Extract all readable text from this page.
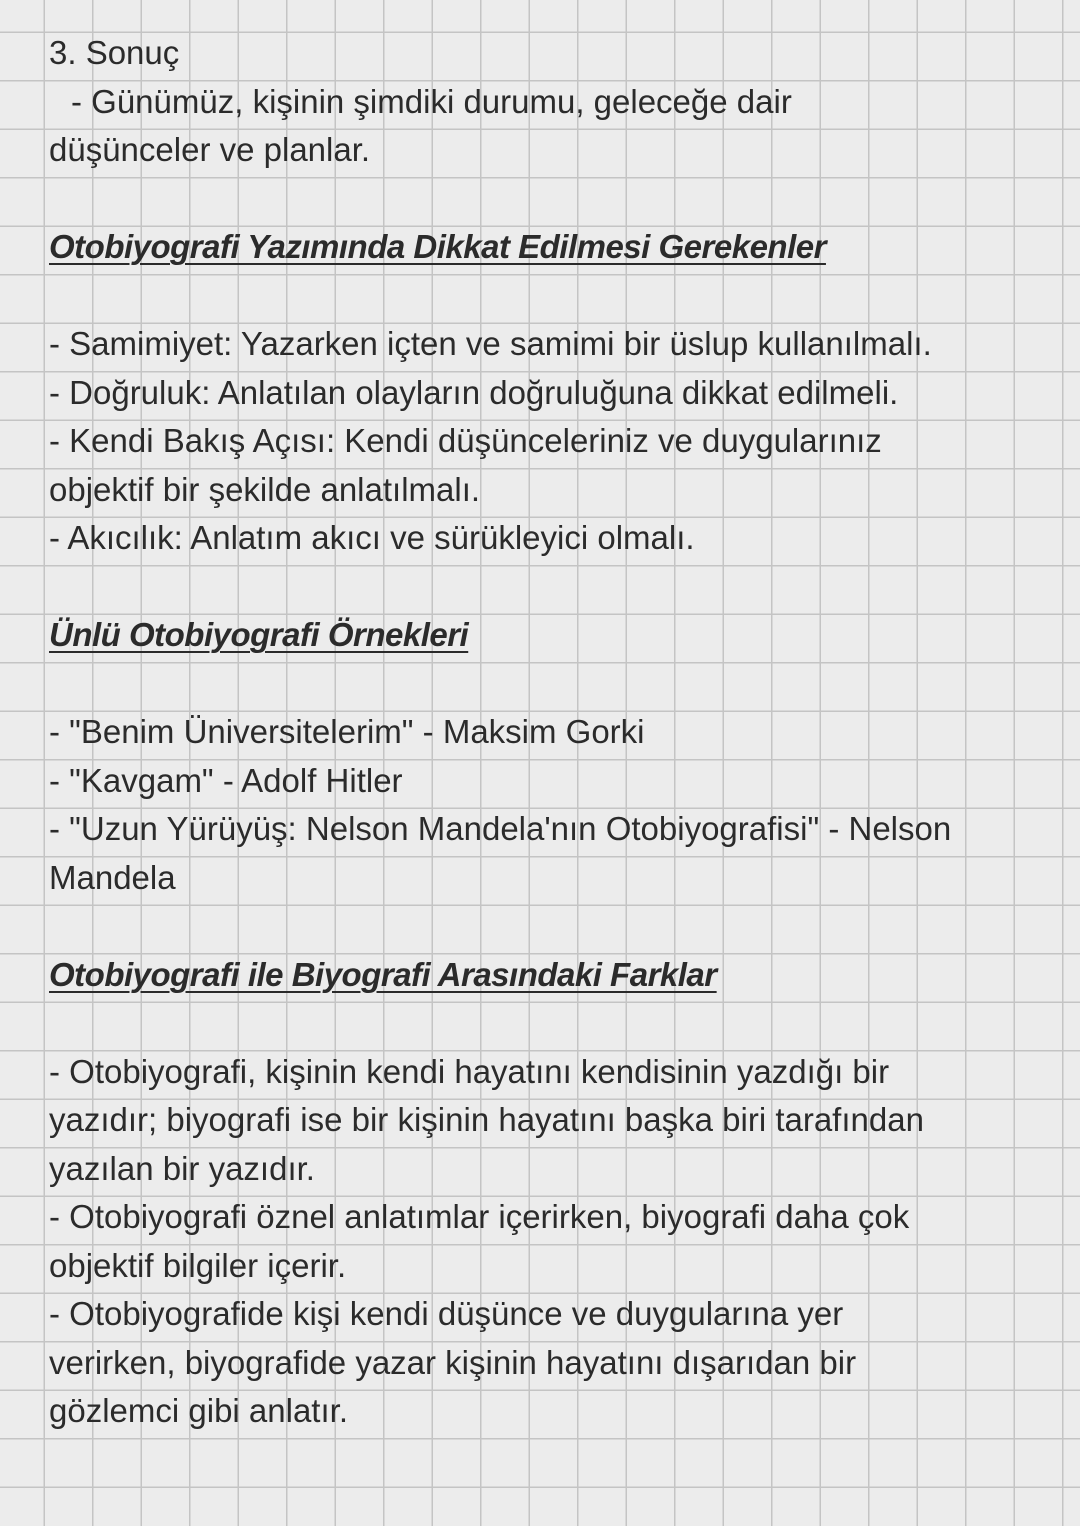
3. Sonuç

- Günümüz, kişinin şimdiki durumu, geleceğe dair

düşünceler ve planlar.

Otobiyografi Yazımında Dikkat Edilmesi Gerekenler

- Samimiyet: Yazarken içten ve samimi bir üslup kullanılmalı.

- Doğruluk: Anlatılan olayların doğruluğuna dikkat edilmeli.

- Kendi Bakış Açısı: Kendi düşünceleriniz ve duygularınız

objektif bir şekilde anlatılmalı.

- Akıcılık: Anlatım akıcı ve sürükleyici olmalı.

Ünlü Otobiyografi Örnekleri

- "Benim Üniversitelerim" - Maksim Gorki

- "Kavgam" - Adolf Hitler

- "Uzun Yürüyüş: Nelson Mandela'nın Otobiyografisi" - Nelson

Mandela

Otobiyografi ile Biyografi Arasındaki Farklar

- Otobiyografi, kişinin kendi hayatını kendisinin yazdığı bir

yazıdır; biyografi ise bir kişinin hayatını başka biri tarafından

yazılan bir yazıdır.

- Otobiyografi öznel anlatımlar içerirken, biyografi daha çok

objektif bilgiler içerir.

- Otobiyografide kişi kendi düşünce ve duygularına yer

verirken, biyografide yazar kişinin hayatını dışarıdan bir

gözlemci gibi anlatır.
